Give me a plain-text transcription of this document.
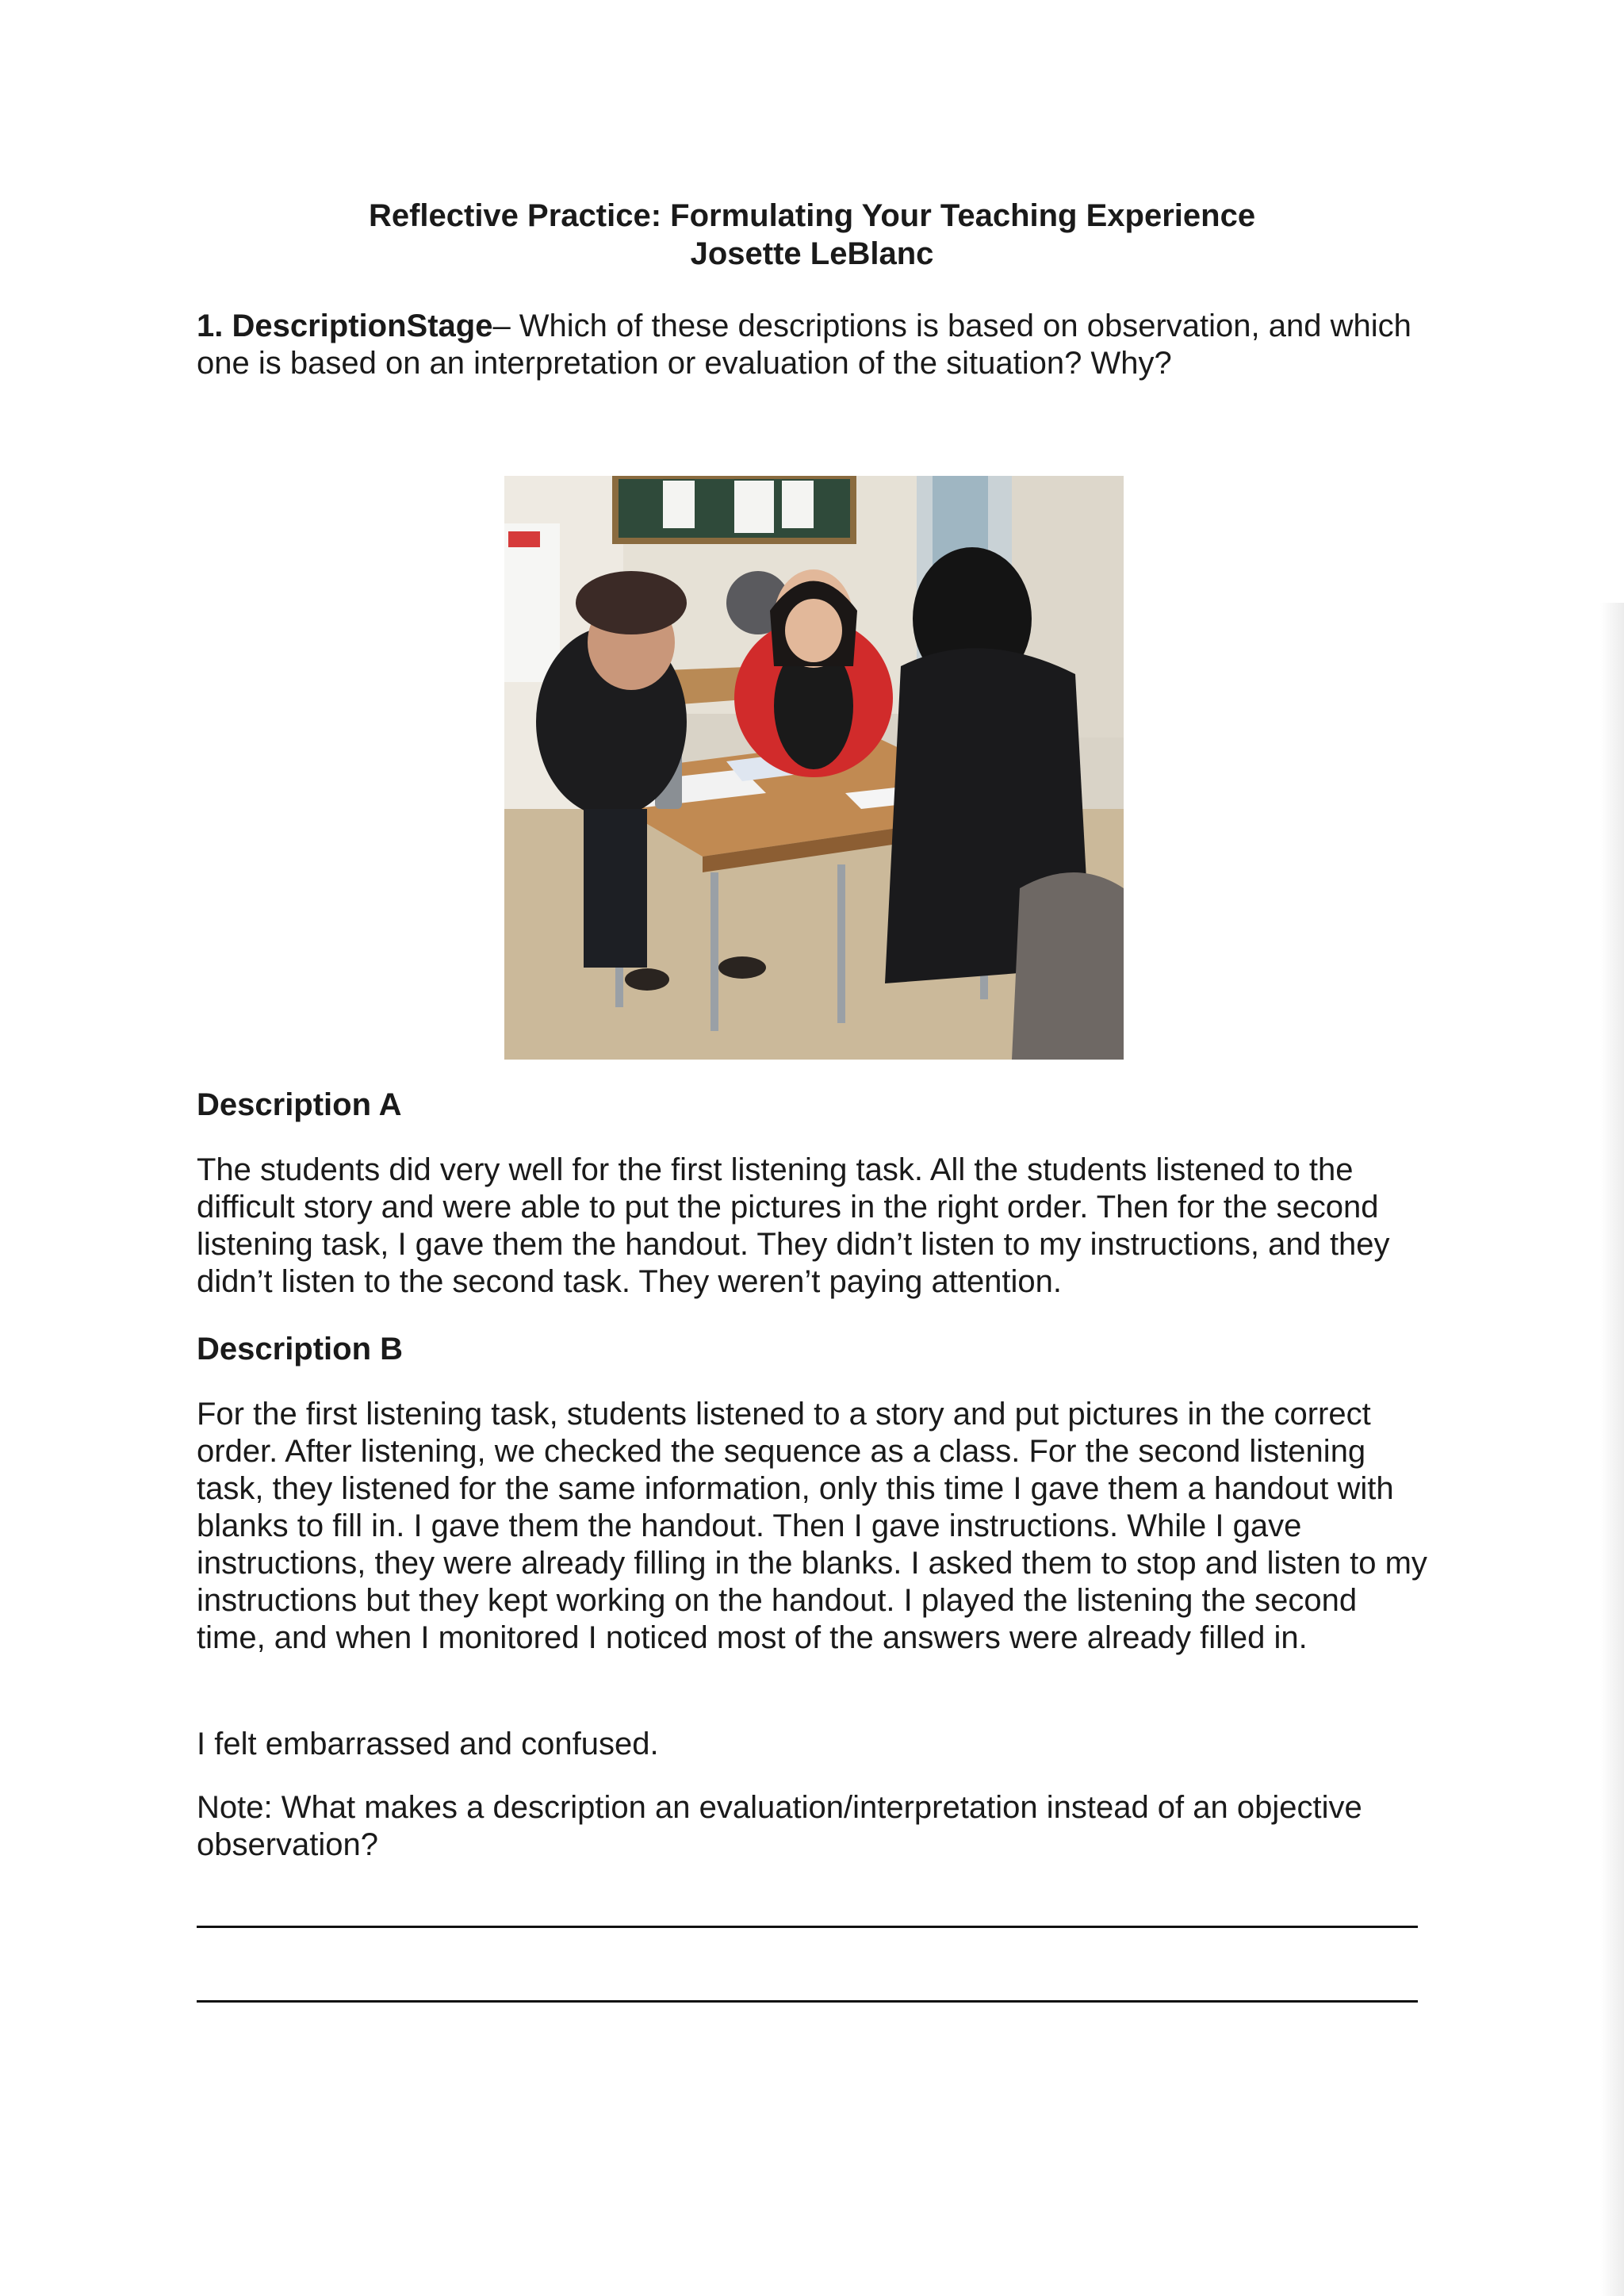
Reflective Practice: Formulating Your Teaching Experience
Josette LeBlanc

1. DescriptionStage– Which of these descriptions is based on observation, and which one is based on an interpretation or evaluation of the situation? Why?

Description A

The students did very well for the first listening task. All the students listened to the difficult story and were able to put the pictures in the right order. Then for the second listening task, I gave them the handout. They didn’t listen to my instructions, and they didn’t listen to the second task. They weren’t paying attention.

Description B

For the first listening task, students listened to a story and put pictures in the correct order. After listening, we checked the sequence as a class. For the second listening task, they listened for the same information, only this time I gave them a handout with blanks to fill in. I gave them the handout. Then I gave instructions. While I gave instructions, they were already filling in the blanks. I asked them to stop and listen to my instructions but they kept working on the handout. I played the listening the second time, and when I monitored I noticed most of the answers were already filled in.

I felt embarrassed and confused.

Note: What makes a description an evaluation/interpretation instead of an objective observation?
